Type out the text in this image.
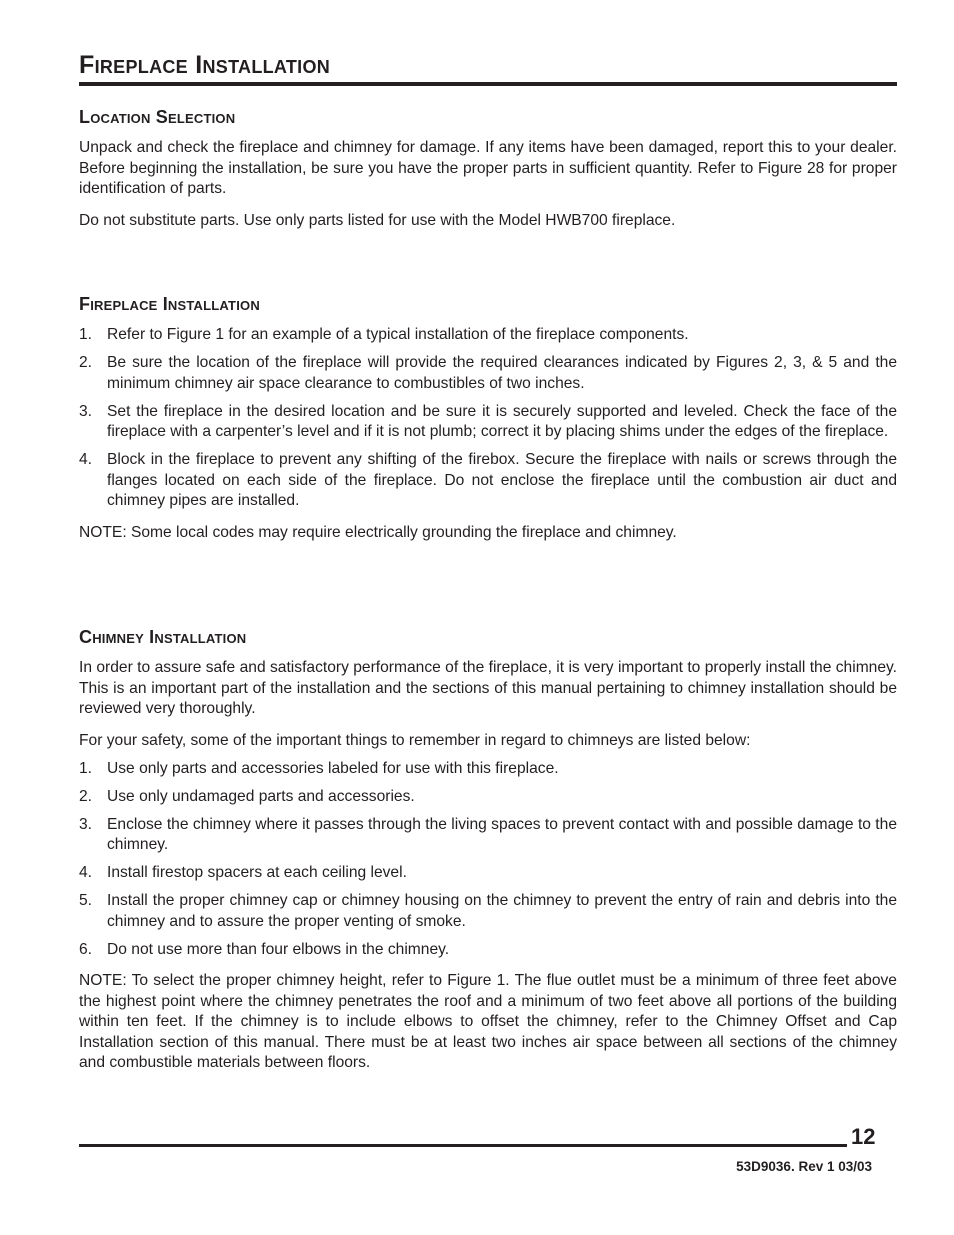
Fireplace Installation
Location Selection

Unpack and check the fireplace and chimney for damage. If any items have been damaged, report this to your dealer. Before beginning the installation, be sure you have the proper parts in sufficient quantity. Refer to Figure 28 for proper identification of parts.

Do not substitute parts. Use only parts listed for use with the Model HWB700 fireplace.

Fireplace Installation
1. Refer to Figure 1 for an example of a typical installation of the fireplace components.
2. Be sure the location of the fireplace will provide the required clearances indicated by Figures 2, 3, & 5 and the minimum chimney air space clearance to combustibles of two inches.
3. Set the fireplace in the desired location and be sure it is securely supported and leveled. Check the face of the fireplace with a carpenter’s level and if it is not plumb; correct it by placing shims under the edges of the fireplace.
4. Block in the fireplace to prevent any shifting of the firebox. Secure the fireplace with nails or screws through the flanges located on each side of the fireplace. Do not enclose the fireplace until the combustion air duct and chimney pipes are installed.

NOTE: Some local codes may require electrically grounding the fireplace and chimney.

Chimney Installation

In order to assure safe and satisfactory performance of the fireplace, it is very important to properly install the chimney. This is an important part of the installation and the sections of this manual pertaining to chimney installation should be reviewed very thoroughly.

For your safety, some of the important things to remember in regard to chimneys are listed below:

1. Use only parts and accessories labeled for use with this fireplace.
2. Use only undamaged parts and accessories.
3. Enclose the chimney where it passes through the living spaces to prevent contact with and possible damage to the chimney.
4. Install firestop spacers at each ceiling level.
5. Install the proper chimney cap or chimney housing on the chimney to prevent the entry of rain and debris into the chimney and to assure the proper venting of smoke.
6. Do not use more than four elbows in the chimney.

NOTE: To select the proper chimney height, refer to Figure 1. The flue outlet must be a minimum of three feet above the highest point where the chimney penetrates the roof and a minimum of two feet above all portions of the building within ten feet. If the chimney is to include elbows to offset the chimney, refer to the Chimney Offset and Cap Installation section of this manual. There must be at least two inches air space between all sections of the chimney and combustible materials between floors.

12
53D9036. Rev 1 03/03
